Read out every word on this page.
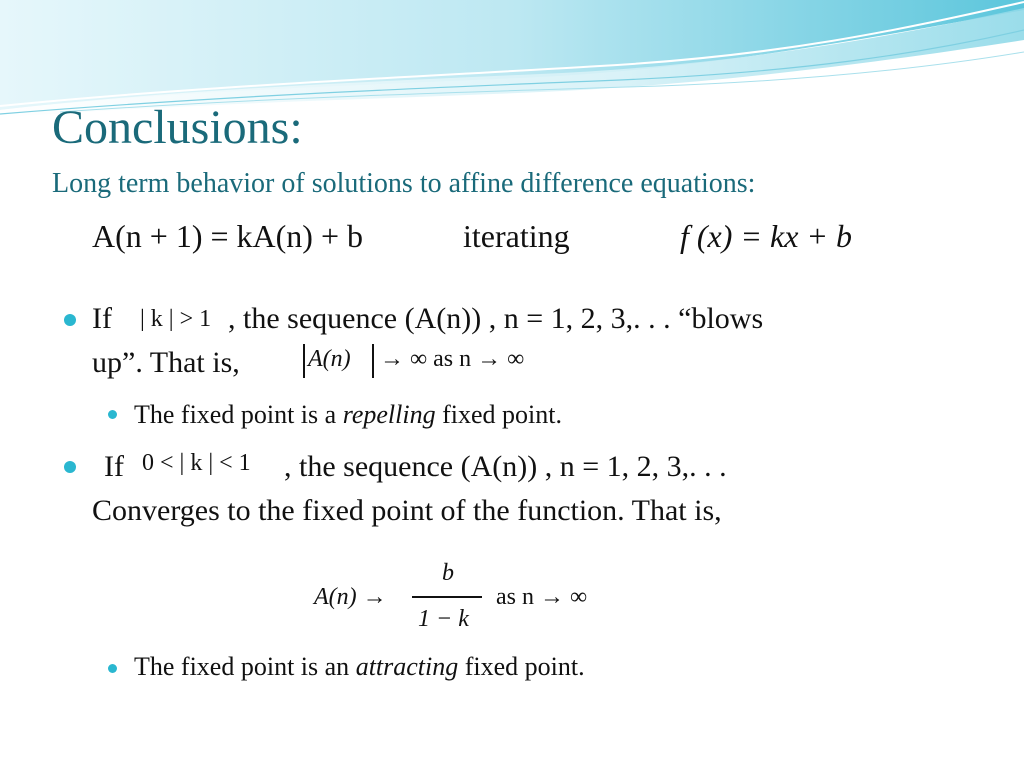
Conclusions:
Long term behavior of solutions to affine difference equations:
A(n + 1) = kA(n) + b	iterating	f (x) = kx + b
If | k | > 1 , the sequence (A(n)) , n = 1, 2, 3,. . . “blows
up”. That is,	A(n) → ∞ as n → ∞
The fixed point is a repelling fixed point.
If 0 < | k | < 1 , the sequence (A(n)) , n = 1, 2, 3,. . .
Converges to the fixed point of the function. That is,
A(n) →
b
1 − k
as n → ∞
The fixed point is an attracting fixed point.
